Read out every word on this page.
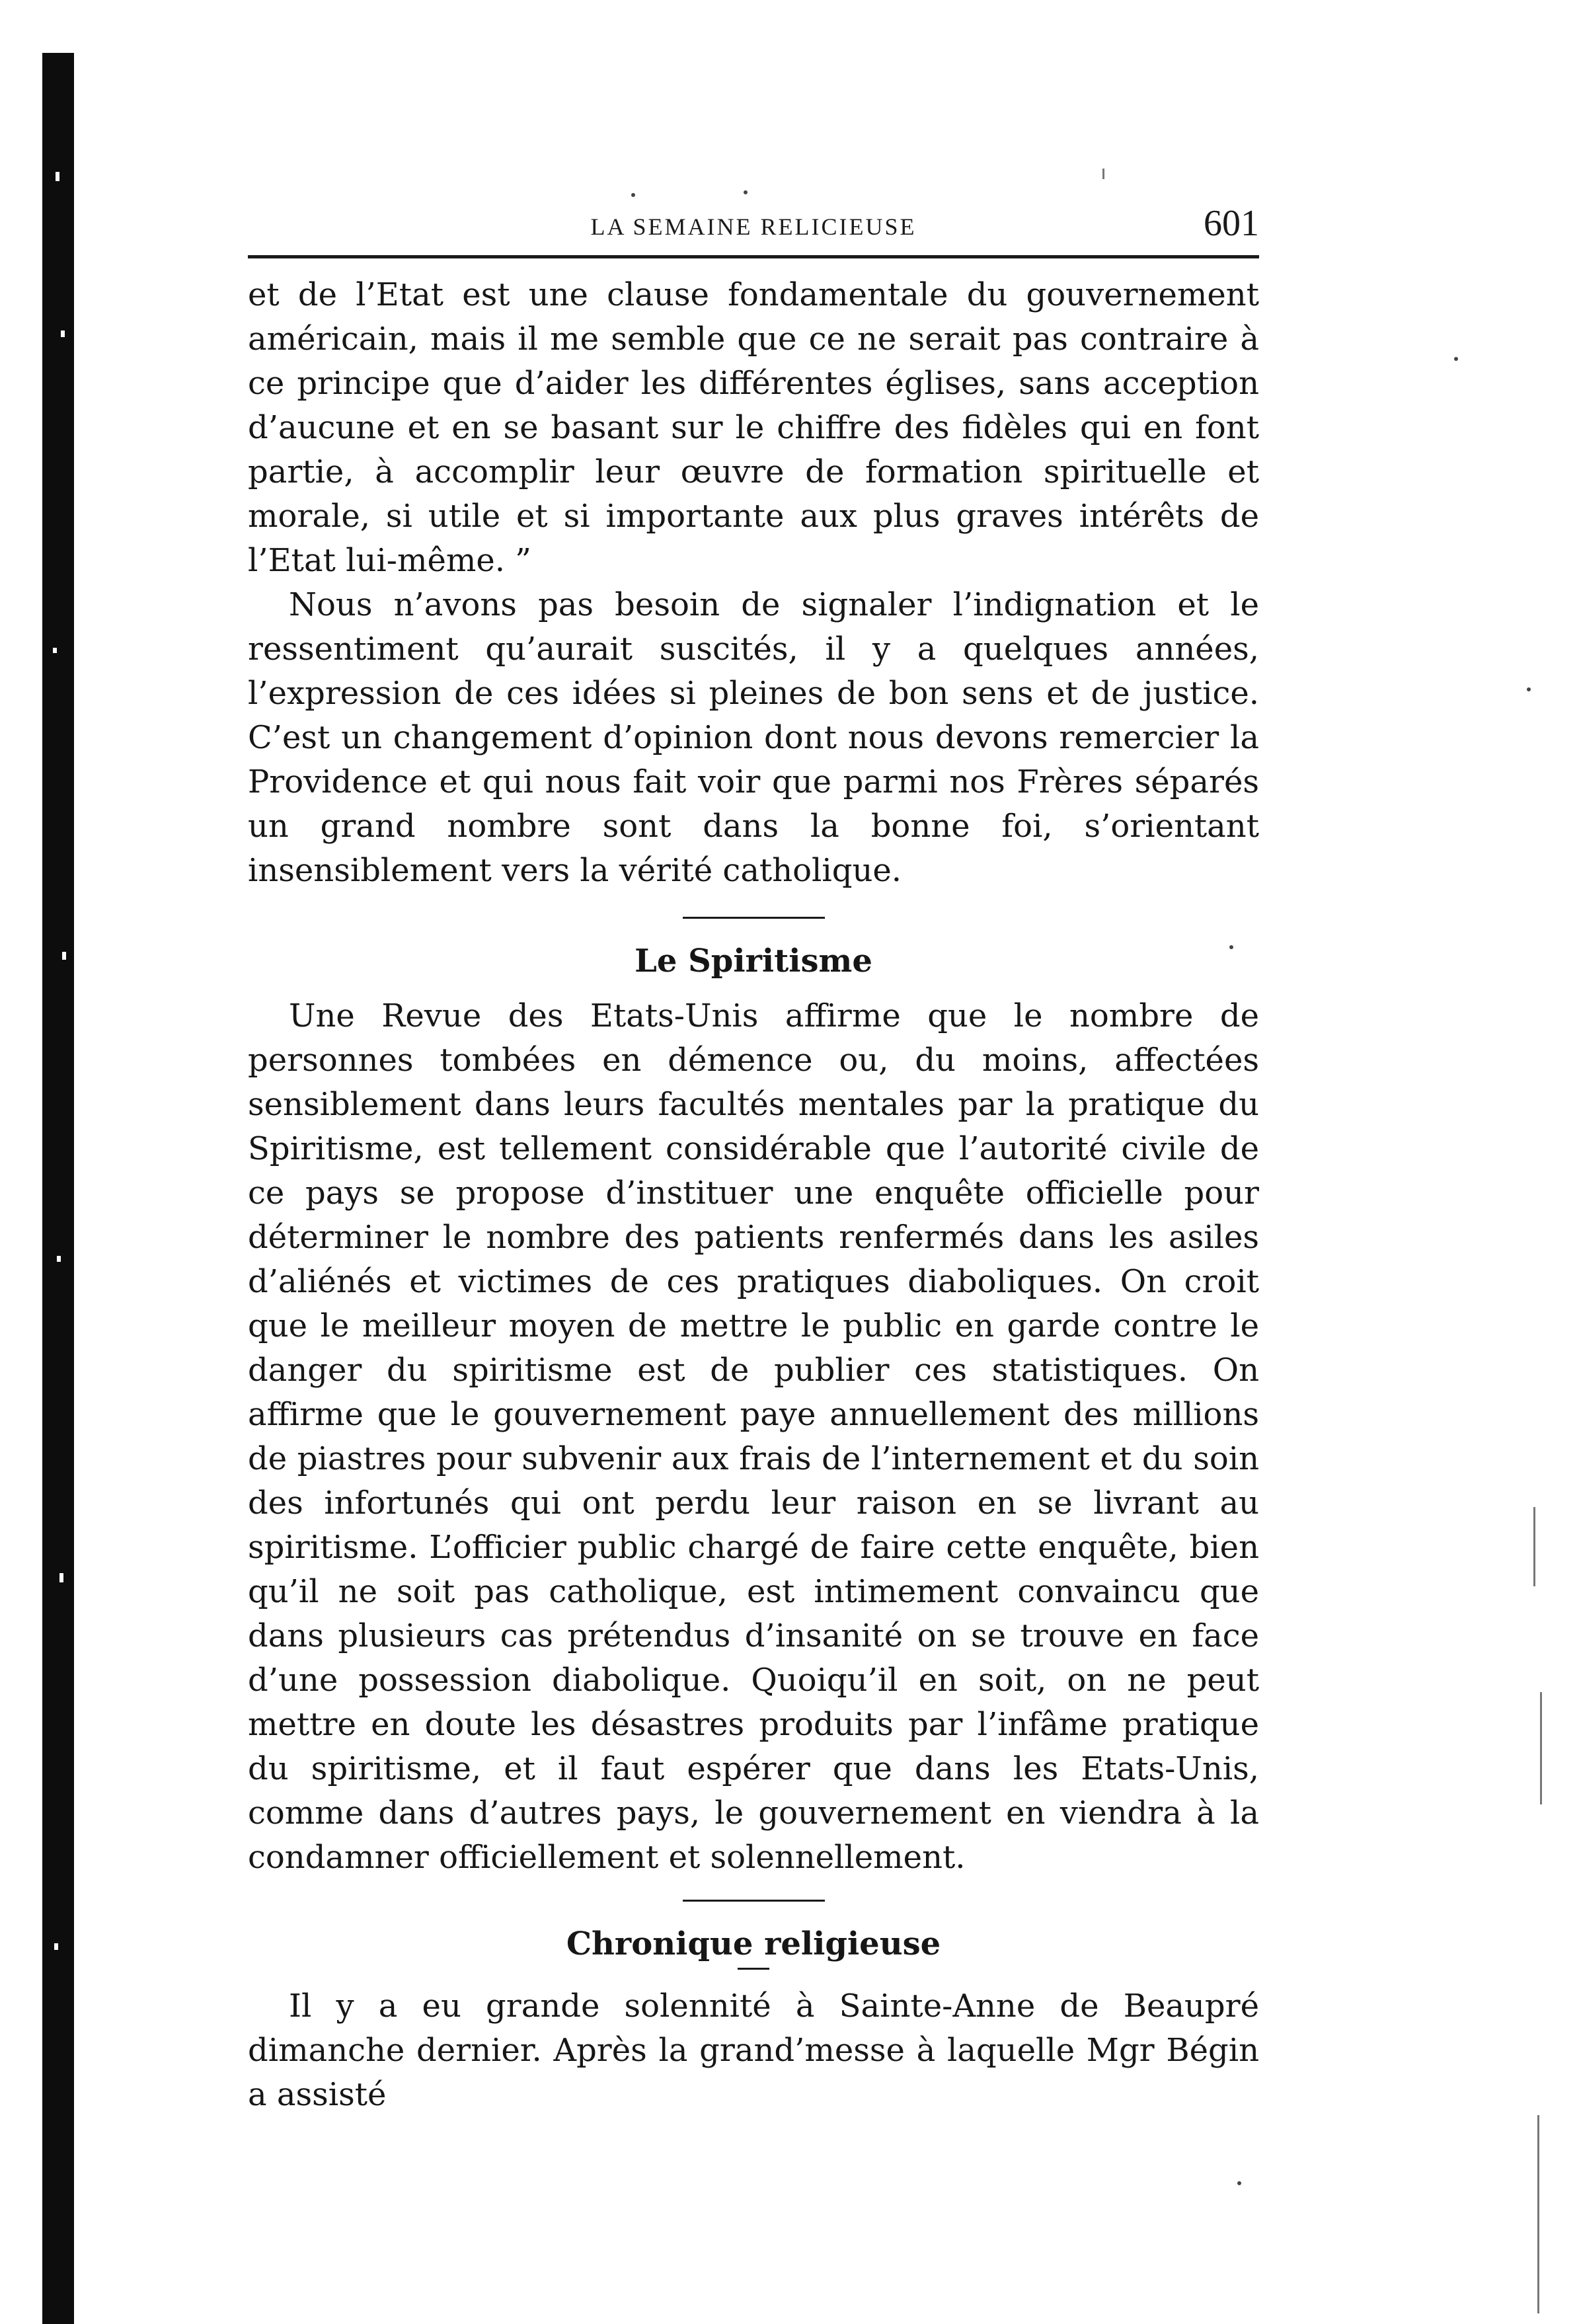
LA SEMAINE RELICIEUSE	601

et de l’Etat est une clause fondamentale du gouvernement américain, mais il me semble que ce ne serait pas contraire à ce principe que d’aider les différentes églises, sans acception d’aucune et en se basant sur le chiffre des fidèles qui en font partie, à accomplir leur œuvre de formation spirituelle et morale, si utile et si importante aux plus graves intérêts de l’Etat lui-même. ”

Nous n’avons pas besoin de signaler l’indignation et le ressentiment qu’aurait suscités, il y a quelques années, l’expression de ces idées si pleines de bon sens et de justice. C’est un changement d’opinion dont nous devons remercier la Providence et qui nous fait voir que parmi nos Frères séparés un grand nombre sont dans la bonne foi, s’orientant insensiblement vers la vérité catholique.

Le Spiritisme

Une Revue des Etats-Unis affirme que le nombre de personnes tombées en démence ou, du moins, affectées sensiblement dans leurs facultés mentales par la pratique du Spiritisme, est tellement considérable que l’autorité civile de ce pays se propose d’instituer une enquête officielle pour déterminer le nombre des patients renfermés dans les asiles d’aliénés et victimes de ces pratiques diaboliques. On croit que le meilleur moyen de mettre le public en garde contre le danger du spiritisme est de publier ces statistiques. On affirme que le gouvernement paye annuellement des millions de piastres pour subvenir aux frais de l’internement et du soin des infortunés qui ont perdu leur raison en se livrant au spiritisme. L’officier public chargé de faire cette enquête, bien qu’il ne soit pas catholique, est intimement convaincu que dans plusieurs cas prétendus d’insanité on se trouve en face d’une possession diabolique. Quoiqu’il en soit, on ne peut mettre en doute les désastres produits par l’infâme pratique du spiritisme, et il faut espérer que dans les Etats-Unis, comme dans d’autres pays, le gouvernement en viendra à la condamner officiellement et solennellement.

Chronique religieuse

Il y a eu grande solennité à Sainte-Anne de Beaupré dimanche dernier. Après la grand’messe à laquelle Mgr Bégin a assisté
